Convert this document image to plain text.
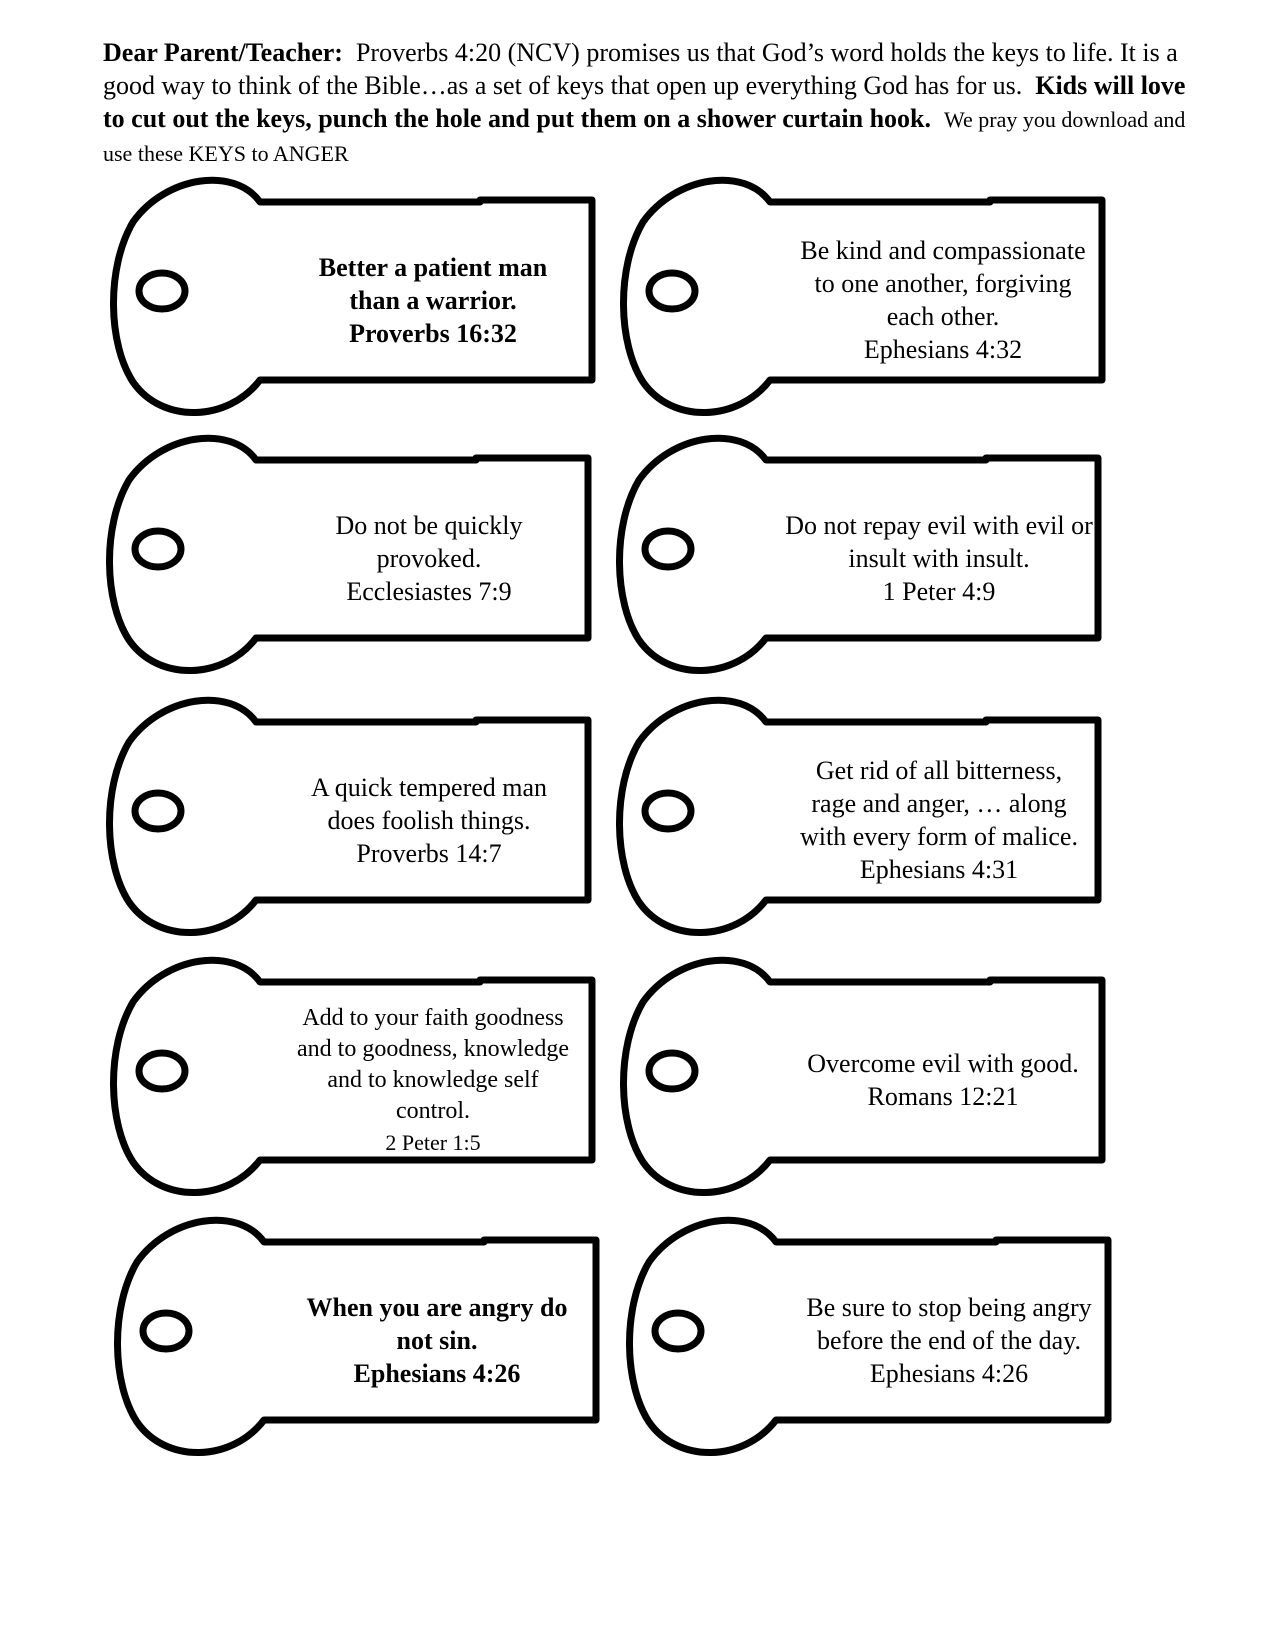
Dear Parent/Teacher: Proverbs 4:20 (NCV) promises us that God’s word holds the keys to life. It is a good way to think of the Bible…as a set of keys that open up everything God has for us. Kids will love to cut out the keys, punch the hole and put them on a shower curtain hook. We pray you download and use these KEYS to ANGER
Better a patient man
than a warrior.
Proverbs 16:32
Be kind and compassionate
to one another, forgiving
each other.
Ephesians 4:32
Do not be quickly
provoked.
Ecclesiastes 7:9
Do not repay evil with evil or
insult with insult.
1 Peter 4:9
A quick tempered man
does foolish things.
Proverbs 14:7
Get rid of all bitterness,
rage and anger, … along
with every form of malice.
Ephesians 4:31
Add to your faith goodness
and to goodness, knowledge
and to knowledge self
control.
2 Peter 1:5
Overcome evil with good.
Romans 12:21
When you are angry do
not sin.
Ephesians 4:26
Be sure to stop being angry
before the end of the day.
Ephesians 4:26
